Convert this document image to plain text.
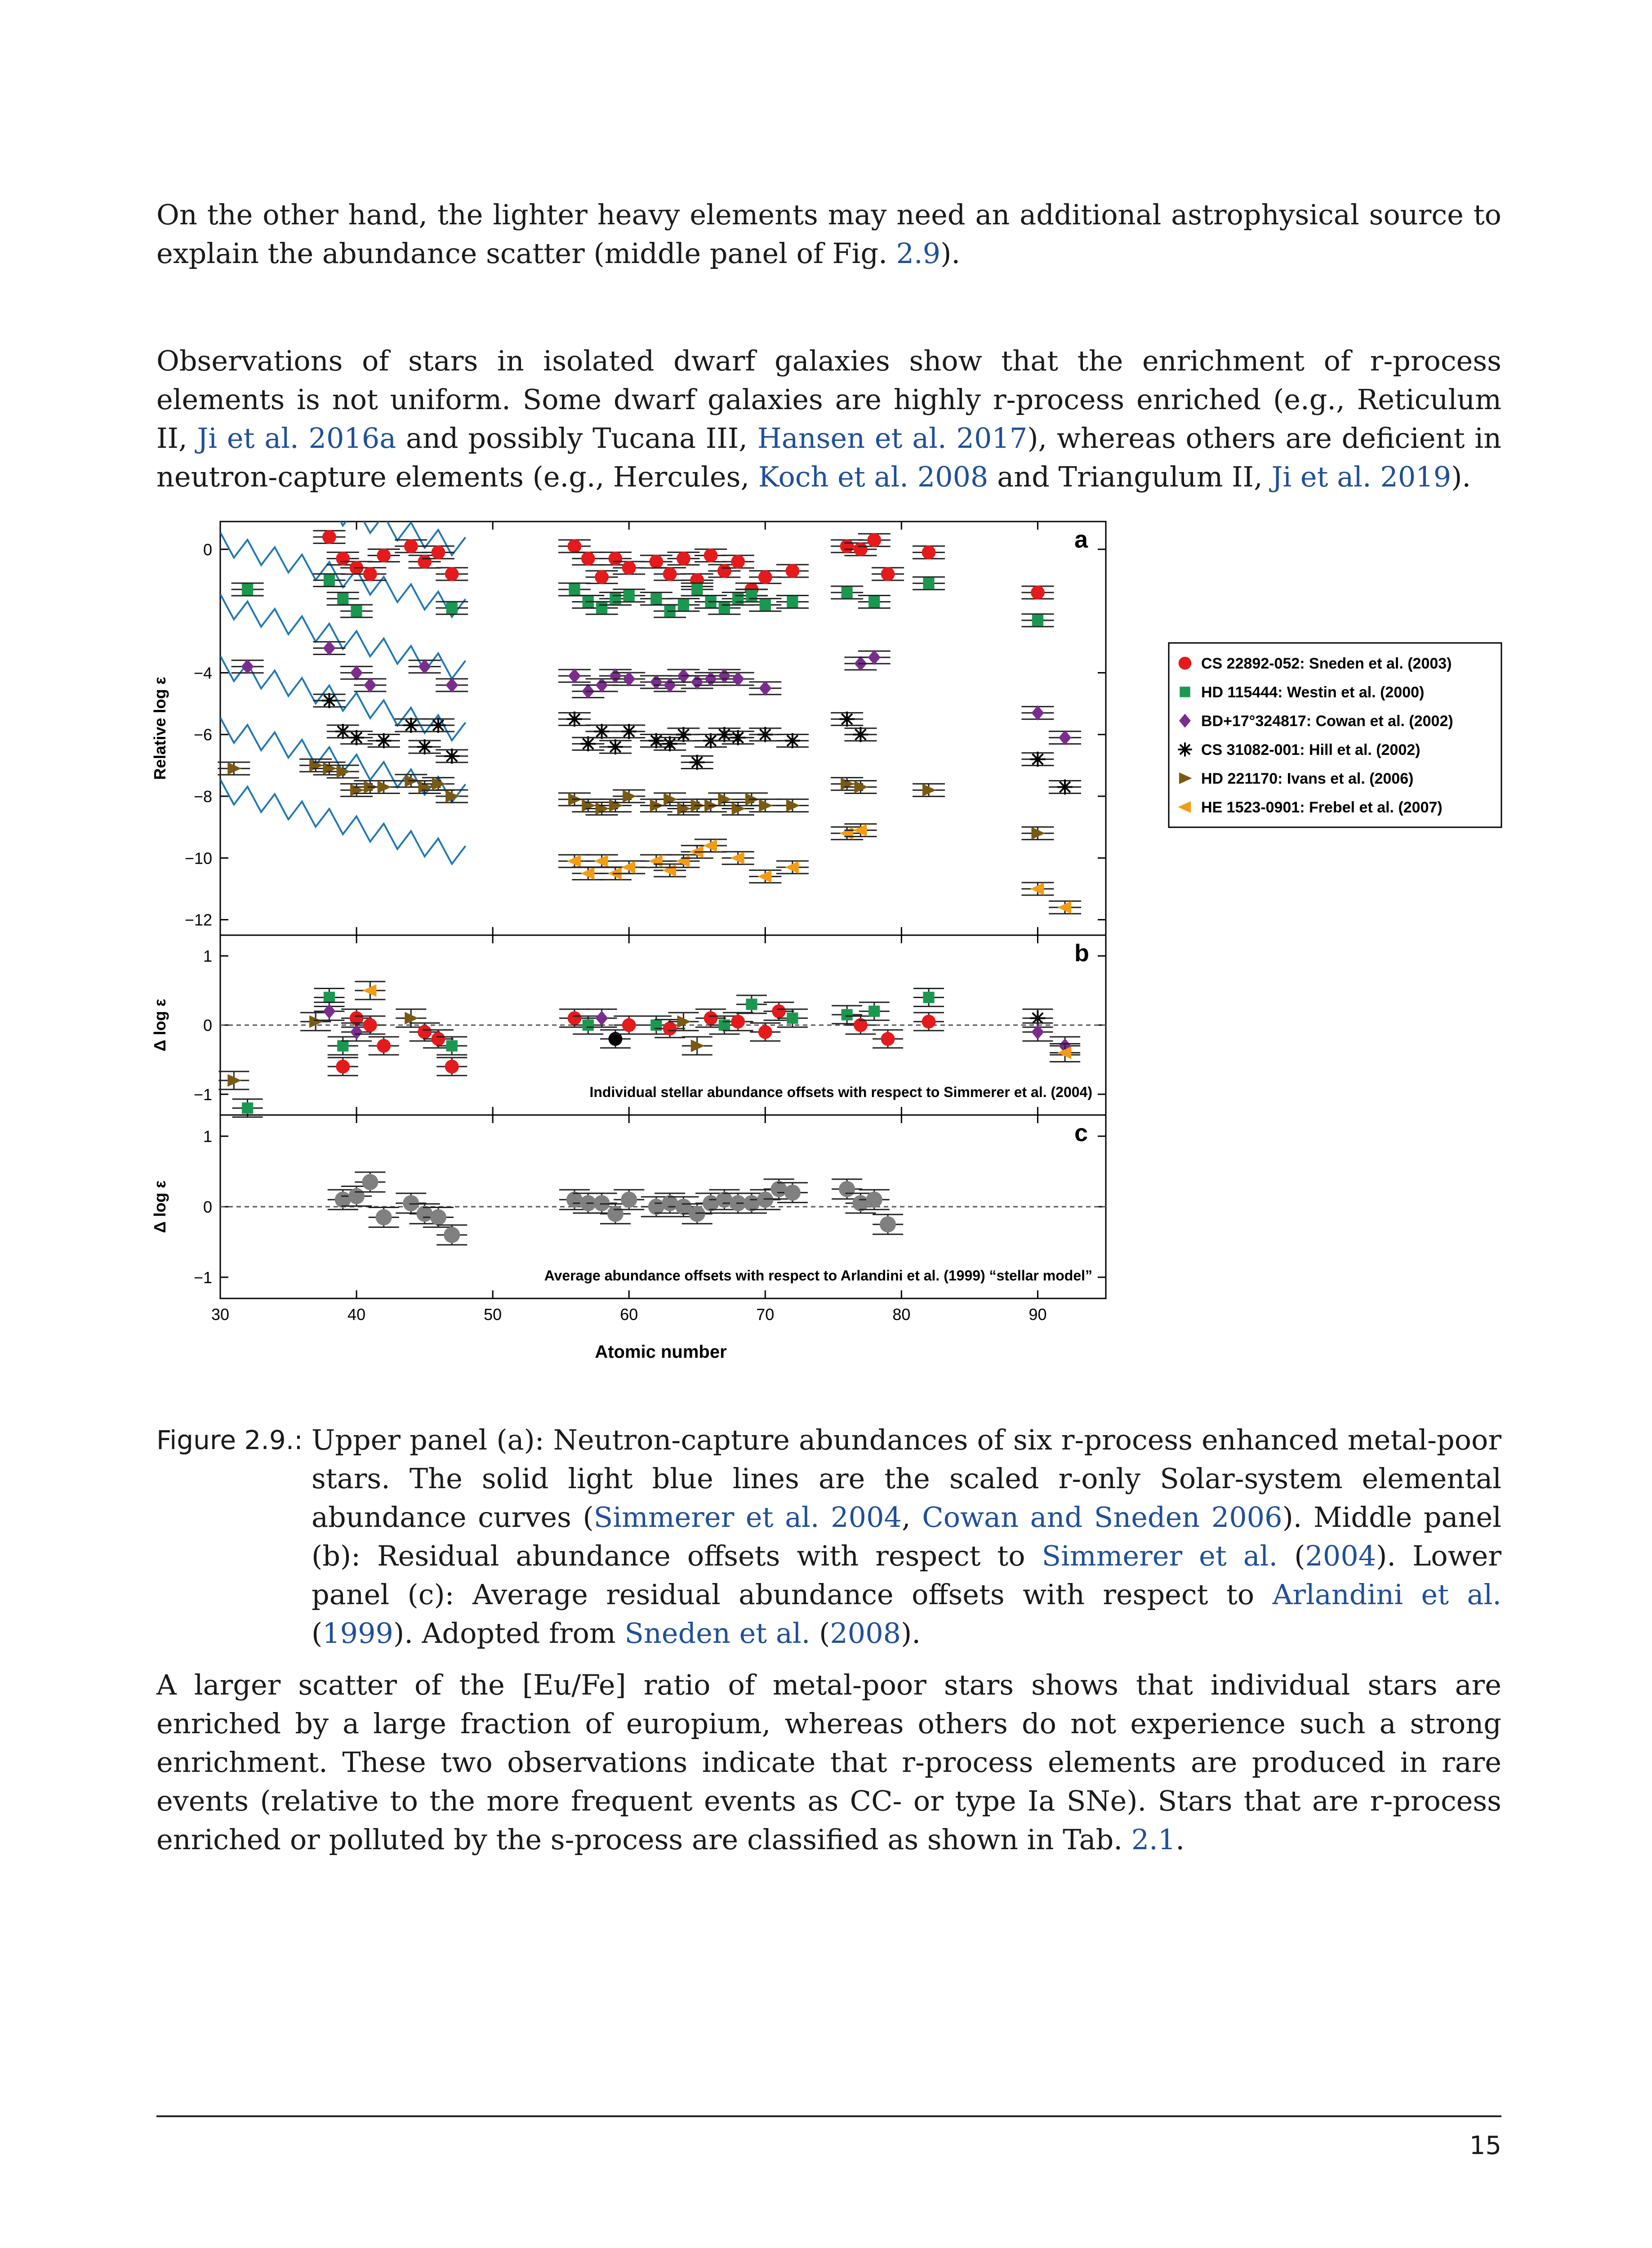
On the other hand, the lighter heavy elements may need an additional astrophysical source to explain the abundance scatter (middle panel of Fig. 2.9).

Observations of stars in isolated dwarf galaxies show that the enrichment of r-process elements is not uniform. Some dwarf galaxies are highly r-process enriched (e.g., Reticulum II, Ji et al. 2016a and possibly Tucana III, Hansen et al. 2017), whereas others are deficient in neutron-capture elements (e.g., Hercules, Koch et al. 2008 and Triangulum II, Ji et al. 2019).

0
−4
−6
−8
−10
−12
a
Relative log ε
1
0
−1
b
Δ log ε
Individual stellar abundance offsets with respect to Simmerer et al. (2004)
1
0
−1
c
Δ log ε
Average abundance offsets with respect to Arlandini et al. (1999) “stellar model”
30	40	50	60	70	80	90
CS 22892-052: Sneden et al. (2003)
HD 115444: Westin et al. (2000)
BD+17°324817: Cowan et al. (2002)
CS 31082-001: Hill et al. (2002)
HD 221170: Ivans et al. (2006)
HE 1523-0901: Frebel et al. (2007)
Atomic number
Figure 2.9.: Upper panel (a): Neutron-capture abundances of six r-process enhanced metal-poor stars. The solid light blue lines are the scaled r-only Solar-system elemental abundance curves (Simmerer et al. 2004, Cowan and Sneden 2006). Middle panel (b): Residual abundance offsets with respect to Simmerer et al. (2004). Lower panel (c): Average residual abundance offsets with respect to Arlandini et al. (1999). Adopted from Sneden et al. (2008).

A larger scatter of the [Eu/Fe] ratio of metal-poor stars shows that individual stars are enriched by a large fraction of europium, whereas others do not experience such a strong enrichment. These two observations indicate that r-process elements are produced in rare events (relative to the more frequent events as CC- or type Ia SNe). Stars that are r-process enriched or polluted by the s-process are classified as shown in Tab. 2.1.

15
